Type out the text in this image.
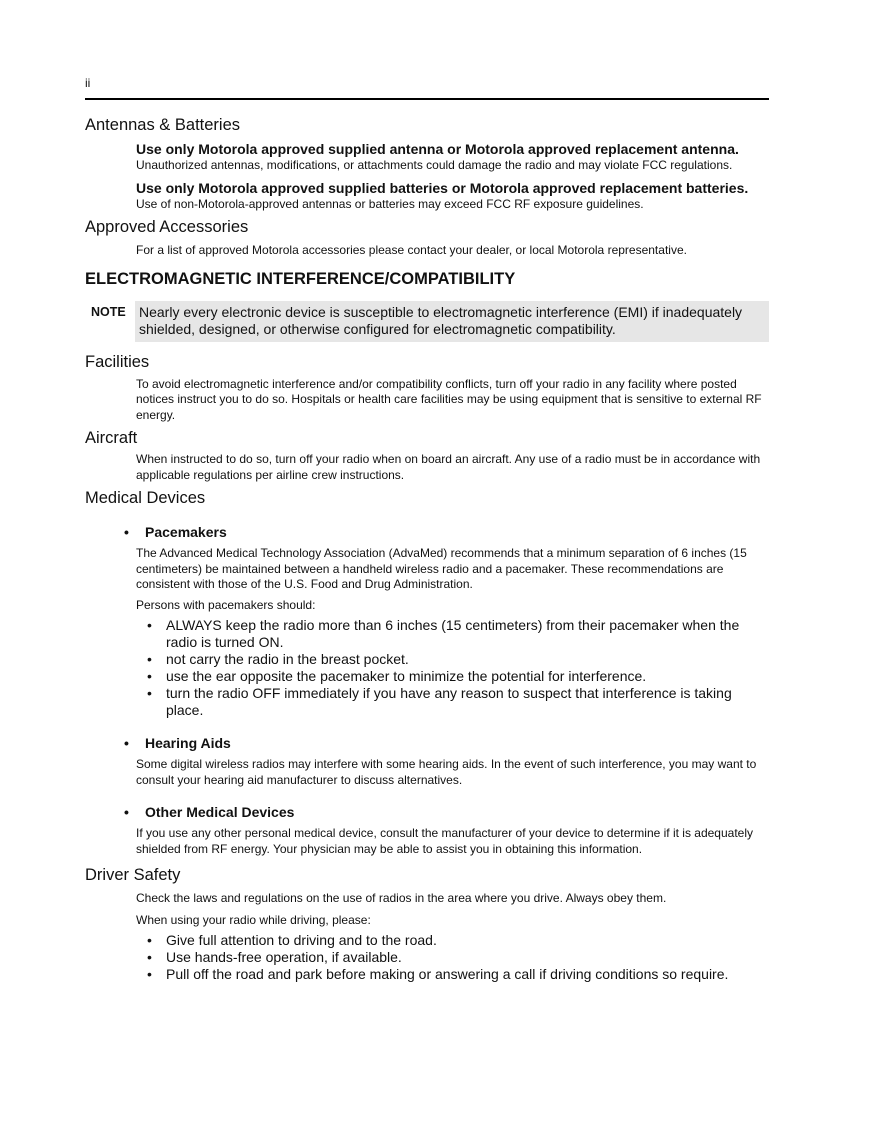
ii
Antennas & Batteries

Use only Motorola approved supplied antenna or Motorola approved replacement antenna.

Unauthorized antennas, modifications, or attachments could damage the radio and may violate FCC regulations.

Use only Motorola approved supplied batteries or Motorola approved replacement batteries.

Use of non-Motorola-approved antennas or batteries may exceed FCC RF exposure guidelines.

Approved Accessories

For a list of approved Motorola accessories please contact your dealer, or local Motorola representative.

ELECTROMAGNETIC INTERFERENCE/COMPATIBILITY
NOTE Nearly every electronic device is susceptible to electromagnetic interference (EMI) if inadequately shielded, designed, or otherwise configured for electromagnetic compatibility.
Facilities

To avoid electromagnetic interference and/or compatibility conflicts, turn off your radio in any facility where posted notices instruct you to do so. Hospitals or health care facilities may be using equipment that is sensitive to external RF energy.

Aircraft

When instructed to do so, turn off your radio when on board an aircraft. Any use of a radio must be in accordance with applicable regulations per airline crew instructions.

Medical Devices
•	Pacemakers

The Advanced Medical Technology Association (AdvaMed) recommends that a minimum separation of 6 inches (15 centimeters) be maintained between a handheld wireless radio and a pacemaker. These recommendations are consistent with those of the U.S. Food and Drug Administration.

Persons with pacemakers should:

• ALWAYS keep the radio more than 6 inches (15 centimeters) from their pacemaker when the radio is turned ON.
• not carry the radio in the breast pocket.
• use the ear opposite the pacemaker to minimize the potential for interference.
• turn the radio OFF immediately if you have any reason to suspect that interference is taking place.
•	Hearing Aids

Some digital wireless radios may interfere with some hearing aids. In the event of such interference, you may want to consult your hearing aid manufacturer to discuss alternatives.

•	Other Medical Devices

If you use any other personal medical device, consult the manufacturer of your device to determine if it is adequately shielded from RF energy. Your physician may be able to assist you in obtaining this information.

Driver Safety

Check the laws and regulations on the use of radios in the area where you drive. Always obey them.

When using your radio while driving, please:

• Give full attention to driving and to the road.
• Use hands-free operation, if available.
• Pull off the road and park before making or answering a call if driving conditions so require.
